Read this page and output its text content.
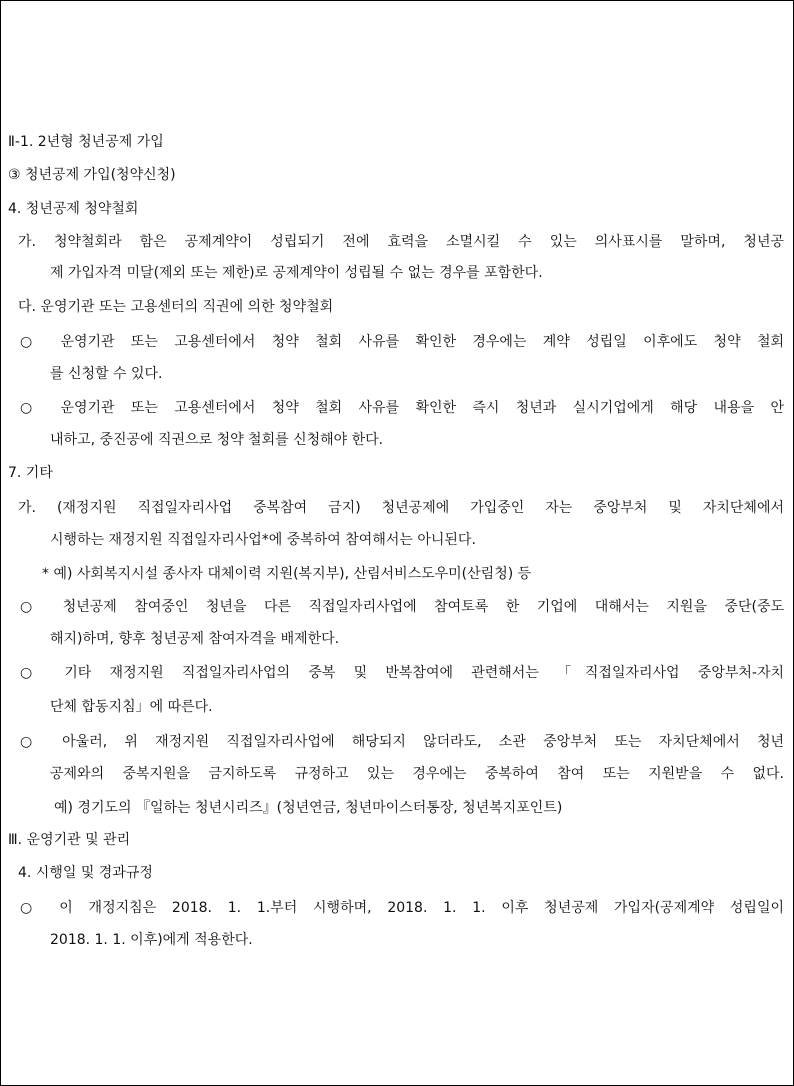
Ⅱ-1. 2년형 청년공제 가입
③ 청년공제 가입(청약신청)
4. 청년공제 청약철회
가. 청약철회라 함은 공제계약이 성립되기 전에 효력을 소멸시킬 수 있는 의사표시를 말하며, 청년공
제 가입자격 미달(제외 또는 제한)로 공제계약이 성립될 수 없는 경우를 포함한다.
다. 운영기관 또는 고용센터의 직권에 의한 청약철회
○ 운영기관 또는 고용센터에서 청약 철회 사유를 확인한 경우에는 계약 성립일 이후에도 청약 철회
를 신청할 수 있다.
○ 운영기관 또는 고용센터에서 청약 철회 사유를 확인한 즉시 청년과 실시기업에게 해당 내용을 안
내하고, 중진공에 직권으로 청약 철회를 신청해야 한다.
7. 기타
가. (재정지원 직접일자리사업 중복참여 금지) 청년공제에 가입중인 자는 중앙부처 및 자치단체에서
시행하는 재정지원 직접일자리사업*에 중복하여 참여해서는 아니된다.
* 예) 사회복지시설 종사자 대체이력 지원(복지부), 산림서비스도우미(산림청) 등
○ 청년공제 참여중인 청년을 다른 직접일자리사업에 참여토록 한 기업에 대해서는 지원을 중단(중도
해지)하며, 향후 청년공제 참여자격을 배제한다.
○ 기타 재정지원 직접일자리사업의 중복 및 반복참여에 관련해서는 「직접일자리사업 중앙부처-자치
단체 합동지침」에 따른다.
○ 아울러, 위 재정지원 직접일자리사업에 해당되지 않더라도, 소관 중앙부처 또는 자치단체에서 청년
공제와의 중복지원을 금지하도록 규정하고 있는 경우에는 중복하여 참여 또는 지원받을 수 없다.
예) 경기도의 『일하는 청년시리즈』(청년연금, 청년마이스터통장, 청년복지포인트)
Ⅲ. 운영기관 및 관리
4. 시행일 및 경과규정
○ 이 개정지침은 2018. 1. 1.부터 시행하며, 2018. 1. 1. 이후 청년공제 가입자(공제계약 성립일이
2018. 1. 1. 이후)에게 적용한다.
